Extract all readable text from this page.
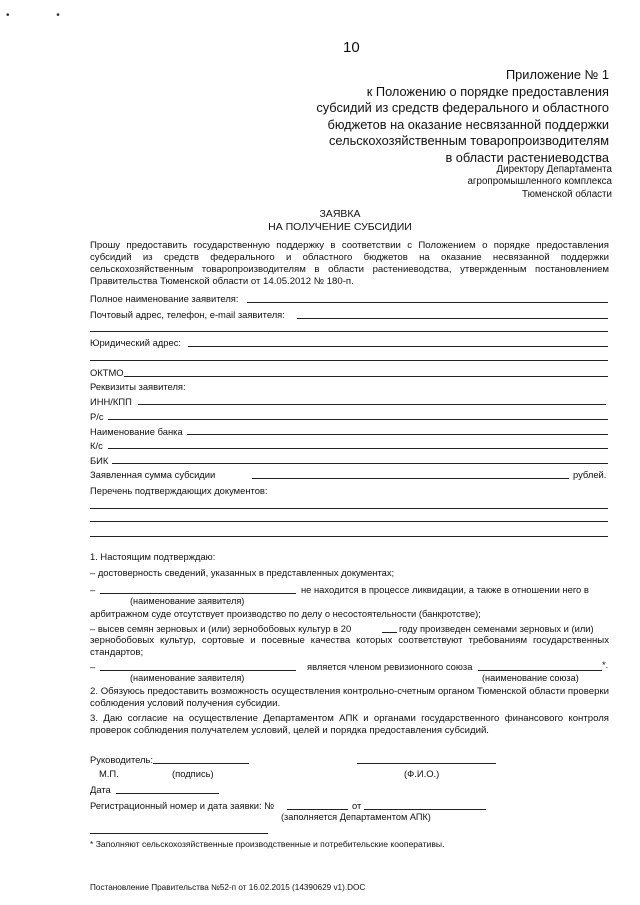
• •
10
Приложение № 1
к Положению о порядке предоставления
субсидий из средств федерального и областного
бюджетов на оказание несвязанной поддержки
сельскохозяйственным товаропроизводителям
в области растениеводства
Директору Департамента
агропромышленного комплекса
Тюменской области
ЗАЯВКА
НА ПОЛУЧЕНИЕ СУБСИДИИ
Прошу предоставить государственную поддержку в соответствии с Положением о порядке предоставления субсидий из средств федерального и областного бюджетов на оказание несвязанной поддержки сельскохозяйственным товаропроизводителям в области растениеводства, утвержденным постановлением Правительства Тюменской области от 14.05.2012 № 180-п.
Полное наименование заявителя:
Почтовый адрес, телефон, e-mail заявителя:
Юридический адрес:
ОКТМО
Реквизиты заявителя:
ИНН/КПП
Р/с
Наименование банка
К/с
БИК
Заявленная сумма субсидии	рублей.
Перечень подтверждающих документов:
1. Настоящим подтверждаю:
– достоверность сведений, указанных в представленных документах;
–	не находится в процессе ликвидации, а также в отношении него в
(наименование заявителя)
арбитражном суде отсутствует производство по делу о несостоятельности (банкротстве);
– высев семян зерновых и (или) зернобобовых культур в 20	году произведен семенами зерновых и (или)
зернобобовых культур, сортовые и посевные качества которых соответствуют требованиям государственных стандартов;
–	является членом ревизионного союза	*.
(наименование заявителя)	(наименование союза)
2. Обязуюсь предоставить возможность осуществления контрольно-счетным органом Тюменской области проверки соблюдения условий получения субсидии.
3. Даю согласие на осуществление Департаментом АПК и органами государственного финансового контроля проверок соблюдения получателем условий, целей и порядка предоставления субсидий.
Руководитель:
М.П.	(подпись)	(Ф.И.О.)
Дата
Регистрационный номер и дата заявки: №	от
(заполняется Департаментом АПК)
* Заполняют сельскохозяйственные производственные и потребительские кооперативы.
Постановление Правительства №52-п от 16.02.2015 (14390629 v1).DOC
